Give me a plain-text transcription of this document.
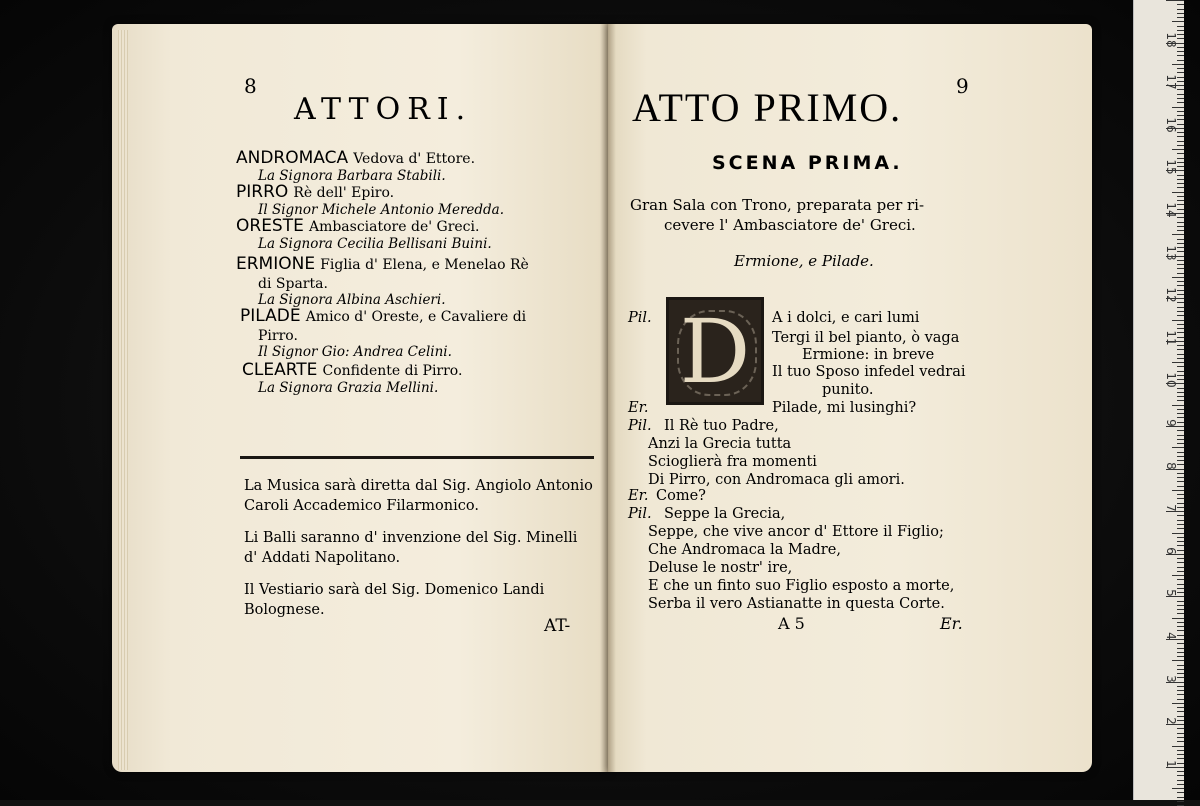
8
ATTORI.
ANDROMACA Vedova d' Ettore.
La Signora Barbara Stabili.
PIRRO Rè dell' Epiro.
Il Signor Michele Antonio Meredda.
ORESTE Ambasciatore de' Greci.
La Signora Cecilia Bellisani Buini.
ERMIONE Figlia d' Elena, e Menelao Rè
di Sparta.
La Signora Albina Aschieri.
PILADE Amico d' Oreste, e Cavaliere di
Pirro.
Il Signor Gio: Andrea Celini.
CLEARTE Confidente di Pirro.
La Signora Grazia Mellini.
La Musica sarà diretta dal Sig. Angiolo Antonio
Caroli Accademico Filarmonico.
Li Balli saranno d' invenzione del Sig. Minelli
d' Addati Napolitano.
Il Vestiario sarà del Sig. Domenico Landi
Bolognese.
AT-
9
ATTO PRIMO.
SCENA PRIMA.
Gran Sala con Trono, preparata per ri-
cevere l' Ambasciatore de' Greci.
Ermione, e Pilade.
D
Pil.	A i dolci, e cari lumi
Tergi il bel pianto, ò vaga
Ermione: in breve
Il tuo Sposo infedel vedrai
punito.
Er.	Pilade, mi lusinghi?
Pil. Il Rè tuo Padre,
Anzi la Grecia tutta
Scioglierà fra momenti
Di Pirro, con Andromaca gli amori.
Er. Come?
Pil. Seppe la Grecia,
Seppe, che vive ancor d' Ettore il Figlio;
Che Andromaca la Madre,
Deluse le nostr' ire,
E che un finto suo Figlio esposto a morte,
Serba il vero Astianatte in questa Corte.
A 5	Er.
18
17
16
15
14
13
12
11
10
9
8
7
6
5
4
3
2
1
